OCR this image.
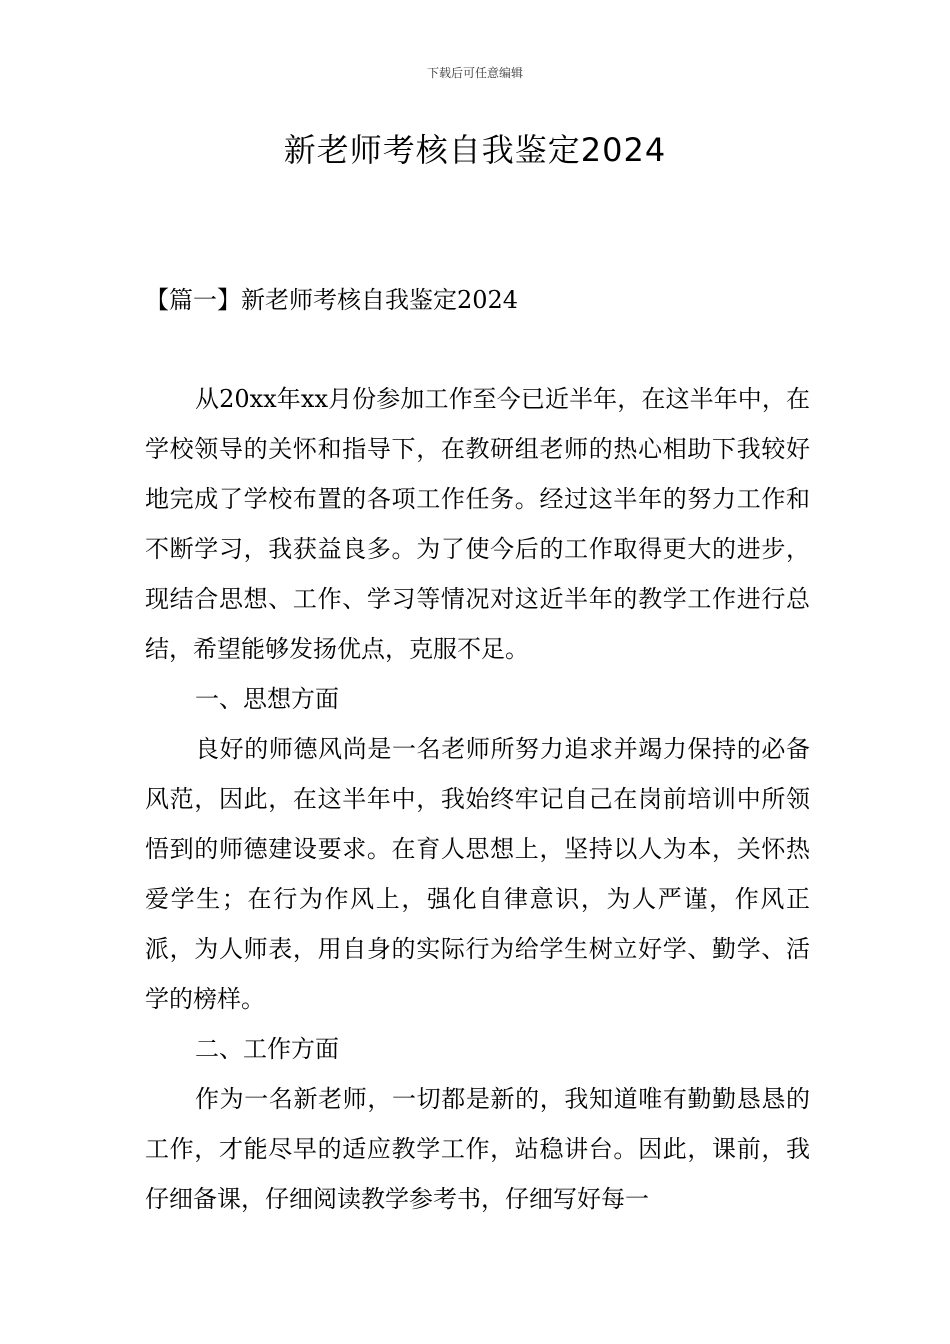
下载后可任意编辑
新老师考核自我鉴定2024
【篇一】新老师考核自我鉴定2024

从20xx年xx月份参加工作至今已近半年，在这半年中，在学校领导的关怀和指导下，在教研组老师的热心相助下我较好地完成了学校布置的各项工作任务。经过这半年的努力工作和不断学习，我获益良多。为了使今后的工作取得更大的进步，现结合思想、工作、学习等情况对这近半年的教学工作进行总结，希望能够发扬优点，克服不足。

一、思想方面

良好的师德风尚是一名老师所努力追求并竭力保持的必备风范，因此，在这半年中，我始终牢记自己在岗前培训中所领悟到的师德建设要求。在育人思想上，坚持以人为本，关怀热爱学生；在行为作风上，强化自律意识，为人严谨，作风正派，为人师表，用自身的实际行为给学生树立好学、勤学、活学的榜样。

二、工作方面

作为一名新老师，一切都是新的，我知道唯有勤勤恳恳的工作，才能尽早的适应教学工作，站稳讲台。因此，课前，我仔细备课，仔细阅读教学参考书，仔细写好每一
